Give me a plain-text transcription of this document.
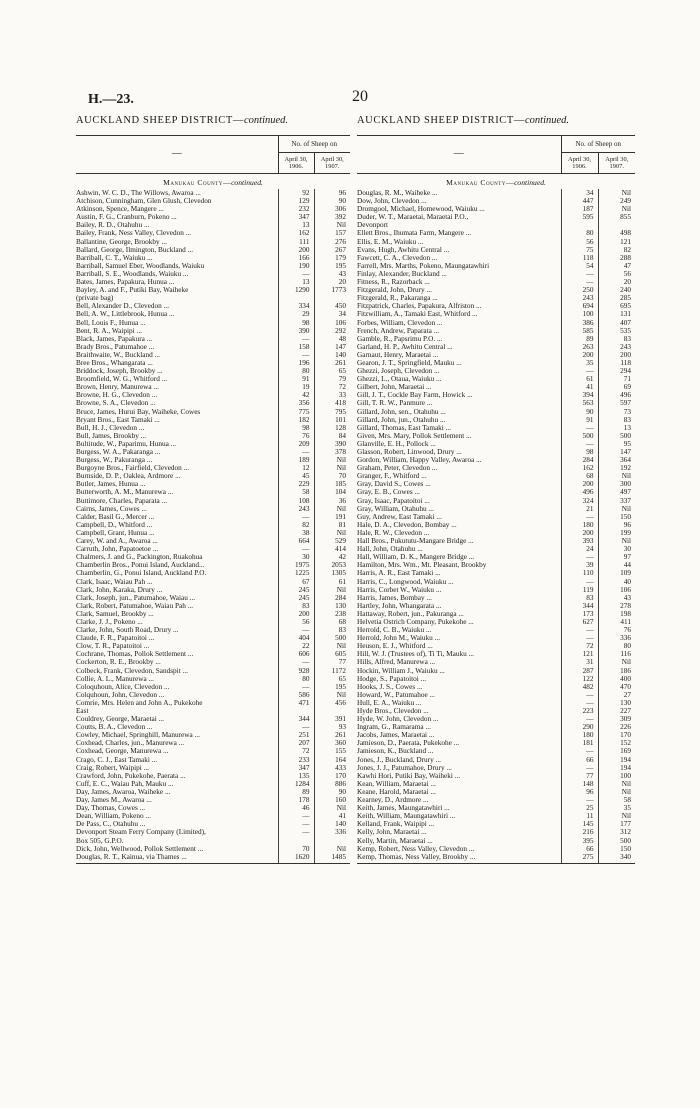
H.—23.	20
AUCKLAND SHEEP DISTRICT—continued.
—	No. of Sheep on	

	April 30,
1906.	April 30,
1907.

Manukau County—continued.		
Ashwin, W. C. D., The Willows, Awaroa ...	92	96
Atchison, Cunningham, Glen Glush, Clevedon	129	90
Atkinson, Spence, Mangere ...	232	306
Austin, F. G., Cranburn, Pokeno ...	347	392
Bailey, R. D., Otahuhu ...	13	Nil
Bailey, Frank, Ness Valley, Clevedon ...	162	157
Ballantine, George, Brookby ...	111	276
Ballard, George, Ilmington, Buckland ...	200	267
Barriball, C. T., Waiuku ...	166	179
Barriball, Samuel Eber, Woodlands, Waiuku	190	195
Barriball, S. E., Woodlands, Waiuku ...	—	43
Bates, James, Papakura, Hunua ...	13	20
Bayley, A. and F., Putiki Bay, Waiheke	1290	1773
(private bag)		
Bell, Alexander D., Clevedon ...	334	450
Bell, A. W., Littlebrook, Hunua ...	29	34
Bell, Louis F., Hunua ...	98	106
Bent, R. A., Waipipi ...	390	292
Black, James, Papakura ...	—	48
Brady Bros., Patumahoe ...	158	147
Braithwaite, W., Buckland ...	—	140
Bree Bros., Whangarata ...	196	261
Briddock, Joseph, Brookby ...	80	65
Broomfield, W. G., Whitford ...	91	79
Brown, Henry, Manurewa ...	19	72
Browne, H. G., Clevedon ...	42	33
Browne, S. A., Clevedon ...	356	418
Bruce, James, Hurui Bay, Waiheke, Cowes	775	795
Bryant Bros., East Tamaki ...	182	101
Bull, H. J., Clevedon ...	98	128
Bull, James, Brookby ...	76	84
Bultitude, W., Paparimu, Hunua ...	209	390
Burgess, W. A., Pakaranga ...	—	378
Burgess, W., Pakuranga ...	189	Nil
Burgoyne Bros., Fairfield, Clevedon ...	12	Nil
Burnside, D. P., Oaklea, Ardmore ...	45	70
Butler, James, Hunua ...	229	185
Butterworth, A. M., Manurewa ...	58	104
Buttimore, Charles, Paparata ...	108	36
Cairns, James, Cowes ...	243	Nil
Calder, Basil G., Mercer ...	—	191
Campbell, D., Whitford ...	82	81
Campbell, Grant, Hunua ...	38	Nil
Carey, W. and A., Awaroa ...	664	529
Carruth, John, Papatoetoe ...	—	414
Chalmers, J. and G., Packington, Ruakohua	30	42
Chamberlin Bros., Ponui Island, Auckland...	1975	2053
Chamberlin, G., Ponui Island, Auckland P.O.	1225	1305
Clark, Isaac, Waiau Pah ...	67	61
Clark, John, Karaka, Drury ...	245	Nil
Clark, Joseph, jun., Patumahoe, Waiau ...	245	284
Clark, Robert, Patumahoe, Waiau Pah ...	83	130
Clark, Samuel, Brookby ...	200	238
Clarke, J. J., Pokeno ...	56	68
Clarke, John, South Road, Drury ...	—	83
Claude, F. R., Papatoitoi ...	404	500
Clow, T. R., Papatoitoi ...	22	Nil
Cochrane, Thomas, Pollok Settlement ...	606	605
Cockerton, R. E., Brookby ...	—	77
Colbeck, Frank, Clevedon, Sandspit ...	928	1172
Collie, A. L., Manurewa ...	80	65
Coloquhoun, Alice, Clevedon ...	—	195
Colquhoun, John, Clevedon ...	586	Nil
Comrie, Mrs. Helen and John A., Pukekohe	471	456
East		
Couldrey, George, Maraetai ...	344	391
Coutts, B. A., Clevedon ...	—	93
Cowley, Michael, Springhill, Manurewa ...	251	261
Coxhead, Charles, jun., Manurewa ...	207	360
Coxhead, George, Manurewa ...	72	155
Crago, C. J., East Tamaki ...	233	164
Craig, Robert, Waipipi ...	347	433
Crawford, John, Pukekohe, Paerata ...	135	170
Cuff, E. C., Waiau Pah, Mauku ...	1284	886
Day, James, Awaroa, Waiheke ...	89	90
Day, James M., Awaroa ...	178	160
Day, Thomas, Cowes ...	46	Nil
Dean, William, Pokeno ...	—	41
De Pass, C., Otahuhu ...	—	140
Devonport Steam Ferry Company (Limited),	—	336
Box 505, G.P.O.		
Dick, John, Wellwood, Pollok Settlement ...	70	Nil
Douglas, R. T., Kainua, via Thames ...	1620	1485

AUCKLAND SHEEP DISTRICT—continued.
—	No. of Sheep on	

	April 30,
1906.	April 30,
1907.

Manukau County—continued.		
Douglas, R. M., Waiheke ...	34	Nil
Dow, John, Clevedon ...	447	249
Dromgool, Michael, Homewood, Waiuku ...	187	Nil
Duder, W. T., Maraetai, Maraetai P.O.,	595	855
Devonport		
Ellett Bros., Ihumata Farm, Mangere ...	80	498
Ellis, E. M., Waiuku ...	56	121
Evans, Hugh, Awhitu Central ...	75	82
Fawcett, C. A., Clevedon ...	118	288
Farrell, Mrs. Marths, Pokeno, Maungatawhiri	54	47
Finlay, Alexander, Buckland ...	—	56
Fitness, R., Razorback ...	—	20
Fitzgerald, John, Drury ...	250	240
Fitzgerald, R., Pakaranga ...	243	285
Fitzpatrick, Charles, Papakura, Alfriston ...	694	695
Fitzwilliam, A., Tamaki East, Whitford ...	100	131
Forbes, William, Clevedon ...	386	407
French, Andrew, Paparata ...	585	535
Gamble, R., Papsrimu P.O. ...	89	83
Garland, H. P., Awhitu Central ...	263	243
Garnaut, Henry, Maraetai ...	200	200
Gearon, J. T., Springfield, Mauku ...	35	118
Ghezzi, Joseph, Clevedon ...	—	294
Ghezzi, L., Otaua, Waiuku ...	61	71
Gilbert, John, Maraetai ...	41	69
Gill, J. T., Cockle Bay Farm, Howick ...	394	496
Gill, T. R. W., Panmure ...	563	597
Gillard, John, sen., Otahuhu ...	90	73
Gillard, John, jun., Otahuhu ...	91	83
Gillard, Thomas, East Tamaki ...	—	13
Given, Mrs. Mary, Pollok Settlement ...	500	500
Glanville, E. H., Pollock ...	—	95
Glasson, Robert, Linwood, Drury ...	98	147
Gordon, William, Happy Valley, Awaroa ...	284	364
Graham, Peter, Clevedon ...	162	192
Granger, F., Whitford ...	68	Nil
Gray, David S., Cowes ...	200	300
Gray, E. B., Cowes ...	496	497
Gray, Isaac, Papatoitoi ...	324	337
Gray, William, Otahuhu ...	21	Nil
Guy, Andrew, East Tamaki ...	—	150
Hale, D. A., Clevedon, Bombay ...	180	96
Hale, R. W., Clevedon ...	200	199
Hall Bros., Pukututu-Mangare Bridge ...	393	Nil
Hall, John, Otahuhu ...	24	30
Hall, William, D. K., Mangere Bridge ...	—	97
Hamilton, Mrs. Wm., Mt. Pleasant, Brookby	39	44
Harris, A. R., East Tamaki ...	110	109
Harris, C., Longwood, Waiuku ...	—	40
Harris, Corbet W., Waiuku ...	119	106
Harris, James, Bombay ...	83	43
Hartley, John, Whangarata ...	344	278
Hattaway, Robert, jun., Pakuranga ...	173	198
Helvetia Ostrich Company, Pukekohe ...	627	411
Herrold, C. B., Waiuku ...	—	76
Herrold, John M., Waiuku ...	—	336
Heuson, E. J., Whitford ...	72	80
Hill, W. J. (Trustees of), Ti Ti, Mauku ...	121	116
Hills, Alfred, Manurewa ...	31	Nil
Hockin, William J., Waiuku ...	287	186
Hodge, S., Papatoitoi ...	122	400
Hooks, J. S., Cowes ...	482	470
Howard, W., Patumahoe ...	—	27
Hull, E. A., Waiuku ...	—	130
Hyde Bros., Clevedon ...	223	227
Hyde, W. John, Clevedon ...	—	309
Ingram, G., Ramarama ...	290	226
Jacobs, James, Maraetai ...	180	170
Jamieson, D., Paerata, Pukekohe ...	181	152
Jamieson, K., Buckland ...	—	169
Jones, J., Buckland, Drury ...	66	194
Jones, J. J., Patumahoe, Drury ...	—	194
Kawhi Hori, Putiki Bay, Waiheki ...	77	100
Kean, William, Maraetai ...	148	Nil
Keane, Harold, Maraetai ...	96	Nil
Kearney, D., Ardmore ...	—	58
Keith, James, Maungatawhiri ...	25	35
Keith, William, Maungatawhiri ...	11	Nil
Kelland, Frank, Waipipi ...	145	177
Kelly, John, Maraetai ...	216	312
Kelly, Martin, Maraetai ...	395	500
Kemp, Robert, Ness Valley, Clevedon ...	66	150
Kemp, Thomas, Ness Valley, Brookby ...	275	340
